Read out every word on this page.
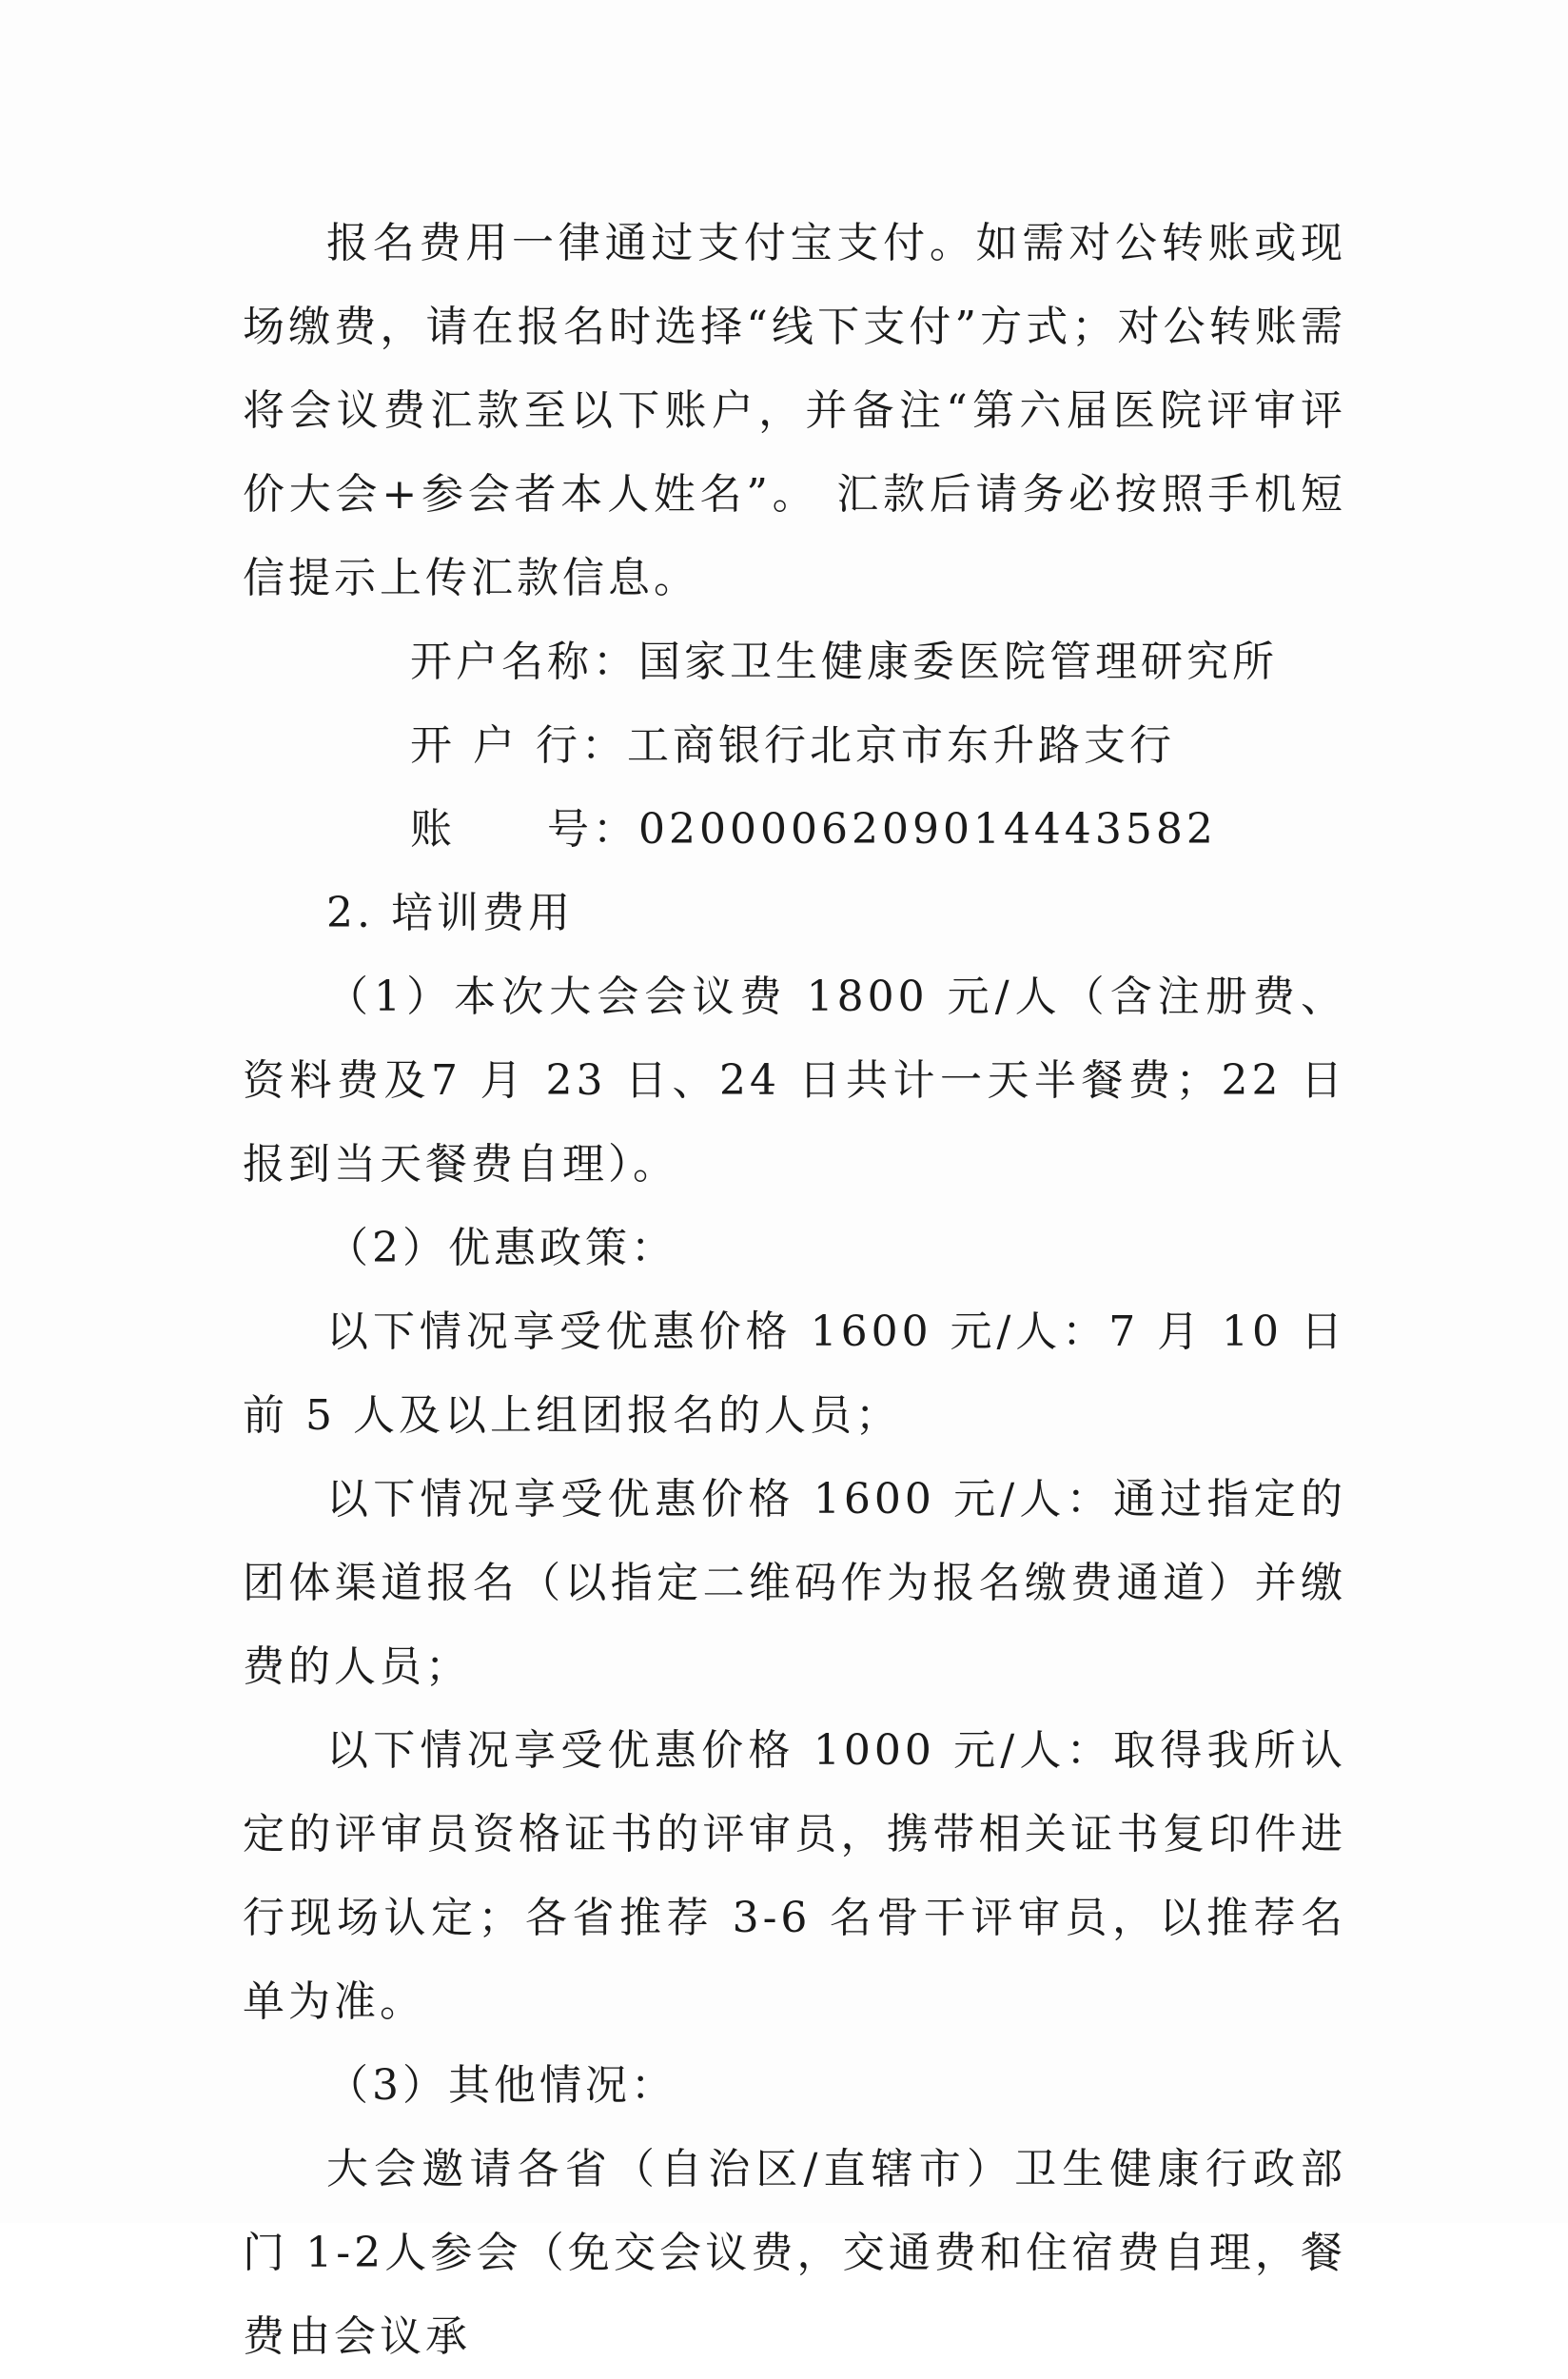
报名费用一律通过支付宝支付。如需对公转账或现场缴费，请在报名时选择“线下支付”方式；对公转账需将会议费汇款至以下账户，并备注“第六届医院评审评价大会+参会者本人姓名”。 汇款后请务必按照手机短信提示上传汇款信息。

开户名称：国家卫生健康委医院管理研究所

开 户 行：工商银行北京市东升路支行

账　　号：0200006209014443582

2. 培训费用

（1）本次大会会议费 1800 元/人（含注册费、资料费及7 月 23 日、24 日共计一天半餐费；22 日报到当天餐费自理）。

（2）优惠政策：

以下情况享受优惠价格 1600 元/人：7 月 10 日前 5 人及以上组团报名的人员；

以下情况享受优惠价格 1600 元/人：通过指定的团体渠道报名（以指定二维码作为报名缴费通道）并缴费的人员；

以下情况享受优惠价格 1000 元/人：取得我所认定的评审员资格证书的评审员，携带相关证书复印件进行现场认定；各省推荐 3-6 名骨干评审员，以推荐名单为准。

（3）其他情况：

大会邀请各省（自治区/直辖市）卫生健康行政部门 1-2人参会（免交会议费，交通费和住宿费自理，餐费由会议承
